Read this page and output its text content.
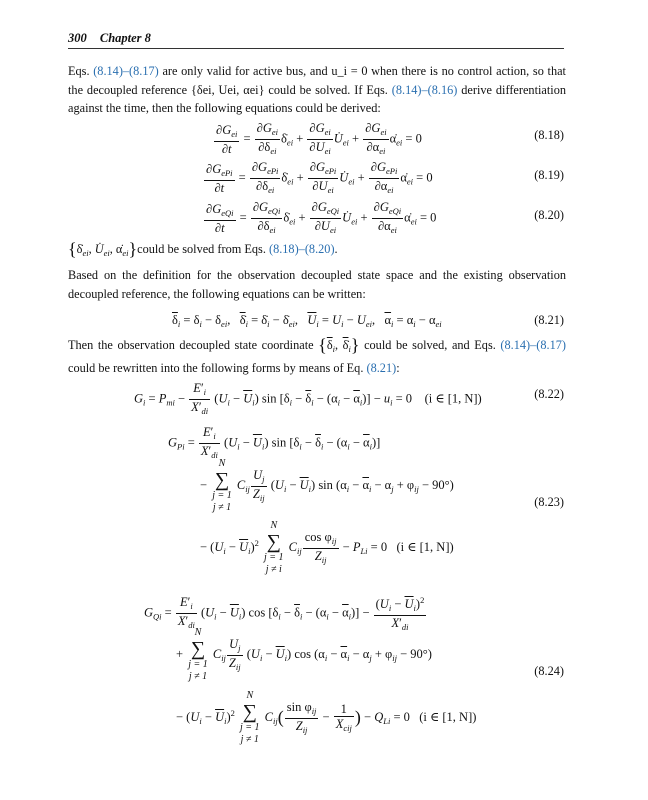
300 Chapter 8
Eqs. (8.14)–(8.17) are only valid for active bus, and u_i = 0 when there is no control action, so that the decoupled reference {δei, Uei, αei} could be solved. If Eqs. (8.14)–(8.16) derive differentiation against the time, then the following equations could be derived:
$\frac{\partial G_{ei}}{\partial t} = \frac{\partial G_{ei}}{\partial\delta_{ei}}$ $\deltȧ_{ei} + \frac{\partial G_{ei}}{\partial U_{ei}}$ $U̇_{ei} + \frac{\partial G_{ei}}{\partial\alpha_{ei}}$ $\alphȧ_{ei} = 0$	(8.18)
$\frac{\partial G_{ePi}}{\partial t} = \frac{\partial G_{ePi}}{\partial\delta_{ei}}$ $\deltȧ_{ei} + \frac{\partial G_{ePi}}{\partial U_{ei}}$ $U̇_{ei} + \frac{\partial G_{ePi}}{\partial\alpha_{ei}}$ $\alphȧ_{ei} = 0$	(8.19)
$\frac{\partial G_{eQi}}{\partial t} = \frac{\partial G_{eQi}}{\partial\delta_{ei}}$ $\deltȧ_{ei} + \frac{\partial G_{eQi}}{\partial U_{ei}}$ $U̇_{ei} + \frac{\partial G_{eQi}}{\partial\alpha_{ei}}$ $\alphȧ_{ei} = 0$	(8.20)
{$\deltȧ_{ei}$, $U̇_{ei}$, $\alphȧ_{ei}\}could$ be solved from Eqs. (8.18)–(8.20).
Based on the definition for the observation decoupled state space and the existing observation decoupled reference, the following equations can be written:
$\overline{\delta}_i = \delta_i - \delta_{ei}$,   $\deltȧ_i$ = $\deltȧ_i$ − $\deltȧ_{ei}$,   $\overline{U}_i = U_i - U_{ei}$,   $\overline{\alpha}_i = \alpha_i - \alpha_{ei}$	(8.21)
Then the observation decoupled state coordinate {$\overline{\delta}_i$, $\deltȧ_i$} could be solved, and Eqs. (8.14)–(8.17) could be rewritten into the following forms by means of Eq. (8.21):
$G_i = P_{mi} - \frac{E'_i}{X'_{di}} (U_i - \overline{U}_i)$ $\sin [\delta_i - \overline{\delta}_i - (\alpha_i - \overline{\alpha}_i)] - u_i = 0$    (i ∈ [1, N])	(8.22)
$G_{Pi} = \frac{E'_i}{X'_{di}} (U_i - \overline{U}_i)$ $\sin [\delta_i - \overline{\delta}_i - (\alpha_i - \overline{\alpha}_i)]$
−
N
∑
j = 1
j ≠ 1
$C_{ij} \frac{U_j}{Z_{ij}} (U_i - \overline{U}_i)$ $\sin (\alpha_i - \overline{\alpha}_i - \alpha_j + \varphi_{ij} - 90^\circ)$
(8.23)
− $(U_i - \overline{U}_i)^2$
N
∑
j = 1
j ≠ i
$C_{ij} \frac{\cos \varphi_{ij}}{Z_{ij}} - P_{Li} = 0$   (i ∈ [1, N])
$G_{Qi} = \frac{E'_i}{X'_{di}} (U_i - \overline{U}_i)$ $\cos [\delta_i - \overline{\delta}_i - (\alpha_i - \overline{\alpha}_i)] - \frac{(U_i - \overline{U}_i)^2}{X'_{di}}$
+
N
∑
j = 1
j ≠ 1
$C_{ij} \frac{U_j}{Z_{ij}} (U_i - \overline{U}_i)$ $\cos (\alpha_i - \overline{\alpha}_i - \alpha_j + \varphi_{ij} - 90^\circ)$
(8.24)
− $(U_i - \overline{U}_i)^2$
N
∑
j = 1
j ≠ 1
$C_{ij}( \frac{\sin \varphi_{ij}}{Z_{ij}} - \frac{1}{X_{cij}}$ ) − $Q_{Li} = 0$   (i ∈ [1, N])
